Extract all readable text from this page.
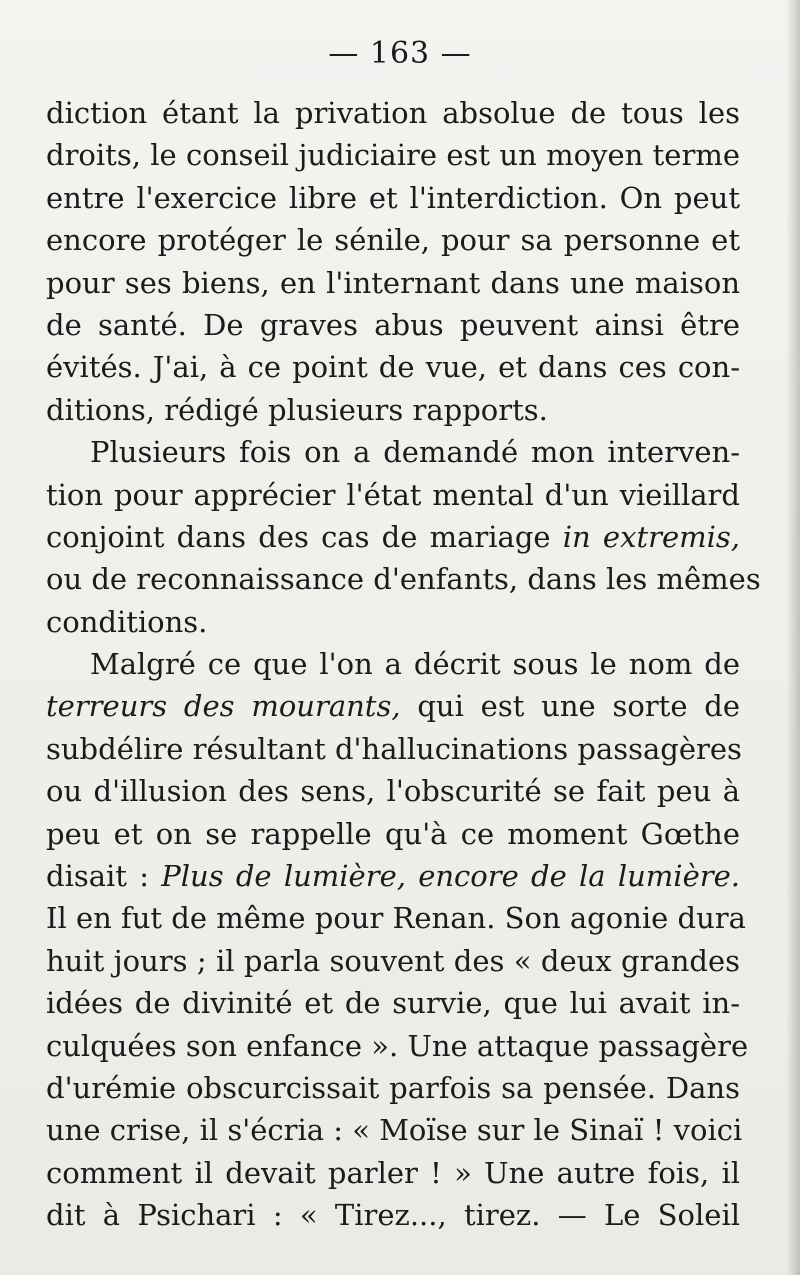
— 163 —
diction étant la privation absolue de tous les
droits, le conseil judiciaire est un moyen terme
entre l'exercice libre et l'interdiction. On peut
encore protéger le sénile, pour sa personne et
pour ses biens, en l'internant dans une maison
de santé. De graves abus peuvent ainsi être
évités. J'ai, à ce point de vue, et dans ces con-
ditions, rédigé plusieurs rapports.
Plusieurs fois on a demandé mon interven-
tion pour apprécier l'état mental d'un vieillard
conjoint dans des cas de mariage in extremis,
ou de reconnaissance d'enfants, dans les mêmes
conditions.
Malgré ce que l'on a décrit sous le nom de
terreurs des mourants, qui est une sorte de
subdélire résultant d'hallucinations passagères
ou d'illusion des sens, l'obscurité se fait peu à
peu et on se rappelle qu'à ce moment Gœthe
disait : Plus de lumière, encore de la lumière.
Il en fut de même pour Renan. Son agonie dura
huit jours ; il parla souvent des « deux grandes
idées de divinité et de survie, que lui avait in-
culquées son enfance ». Une attaque passagère
d'urémie obscurcissait parfois sa pensée. Dans
une crise, il s'écria : « Moïse sur le Sinaï ! voici
comment il devait parler ! » Une autre fois, il
dit à Psichari : « Tirez..., tirez. — Le Soleil
